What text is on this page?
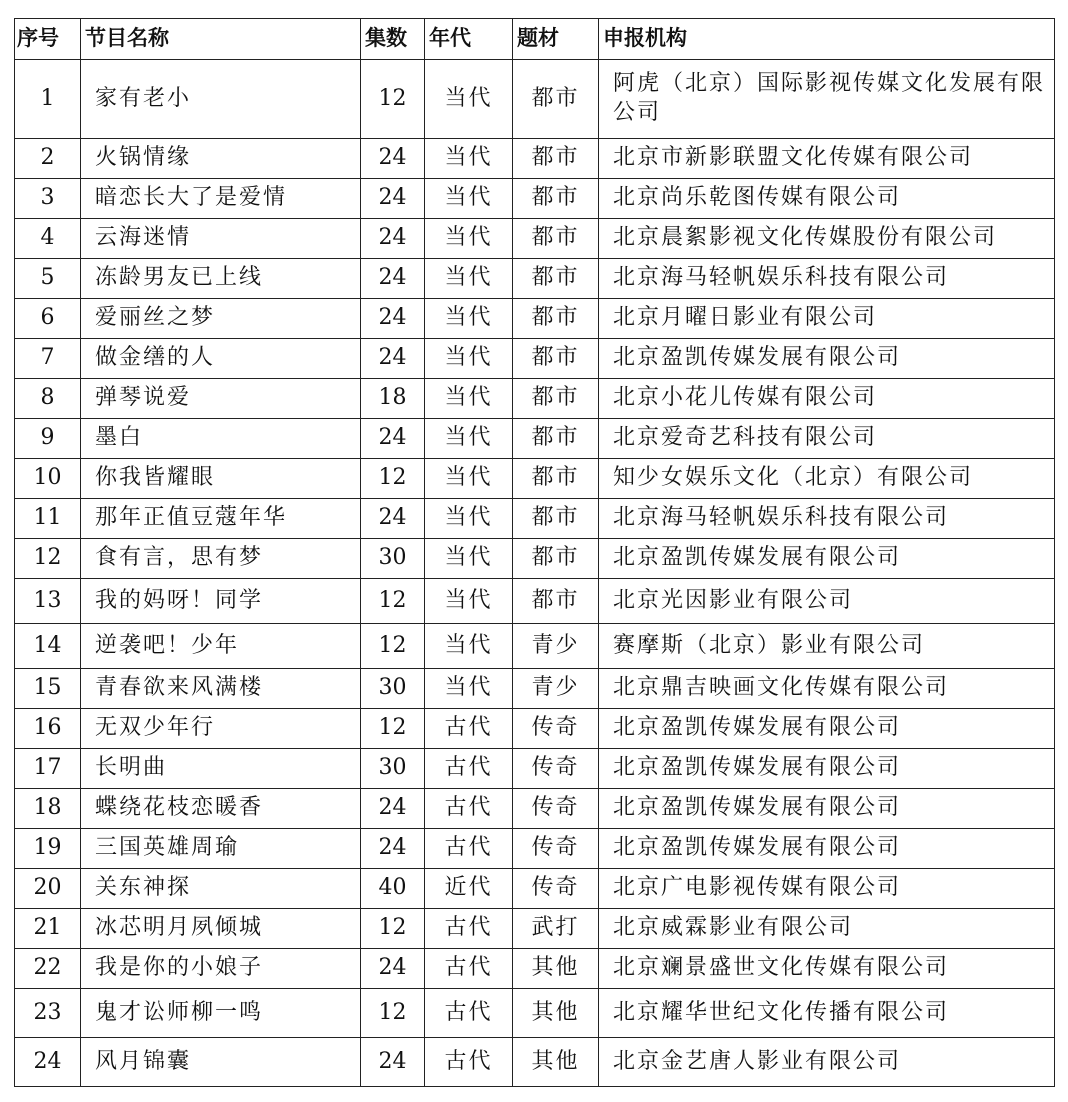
序号	节目名称	集数	年代	题材	申报机构
1	家有老小	12	当代	都市	阿虎（北京）国际影视传媒文化发展有限公司
2	火锅情缘	24	当代	都市	北京市新影联盟文化传媒有限公司
3	暗恋长大了是爱情	24	当代	都市	北京尚乐乾图传媒有限公司
4	云海迷情	24	当代	都市	北京晨絮影视文化传媒股份有限公司
5	冻龄男友已上线	24	当代	都市	北京海马轻帆娱乐科技有限公司
6	爱丽丝之梦	24	当代	都市	北京月曜日影业有限公司
7	做金缮的人	24	当代	都市	北京盈凯传媒发展有限公司
8	弹琴说爱	18	当代	都市	北京小花儿传媒有限公司
9	墨白	24	当代	都市	北京爱奇艺科技有限公司
10	你我皆耀眼	12	当代	都市	知少女娱乐文化（北京）有限公司
11	那年正值豆蔻年华	24	当代	都市	北京海马轻帆娱乐科技有限公司
12	食有言，思有梦	30	当代	都市	北京盈凯传媒发展有限公司
13	我的妈呀！同学	12	当代	都市	北京光因影业有限公司
14	逆袭吧！少年	12	当代	青少	赛摩斯（北京）影业有限公司
15	青春欲来风满楼	30	当代	青少	北京鼎吉映画文化传媒有限公司
16	无双少年行	12	古代	传奇	北京盈凯传媒发展有限公司
17	长明曲	30	古代	传奇	北京盈凯传媒发展有限公司
18	蝶绕花枝恋暖香	24	古代	传奇	北京盈凯传媒发展有限公司
19	三国英雄周瑜	24	古代	传奇	北京盈凯传媒发展有限公司
20	关东神探	40	近代	传奇	北京广电影视传媒有限公司
21	冰芯明月夙倾城	12	古代	武打	北京威霖影业有限公司
22	我是你的小娘子	24	古代	其他	北京斓景盛世文化传媒有限公司
23	鬼才讼师柳一鸣	12	古代	其他	北京耀华世纪文化传播有限公司
24	风月锦囊	24	古代	其他	北京金艺唐人影业有限公司
